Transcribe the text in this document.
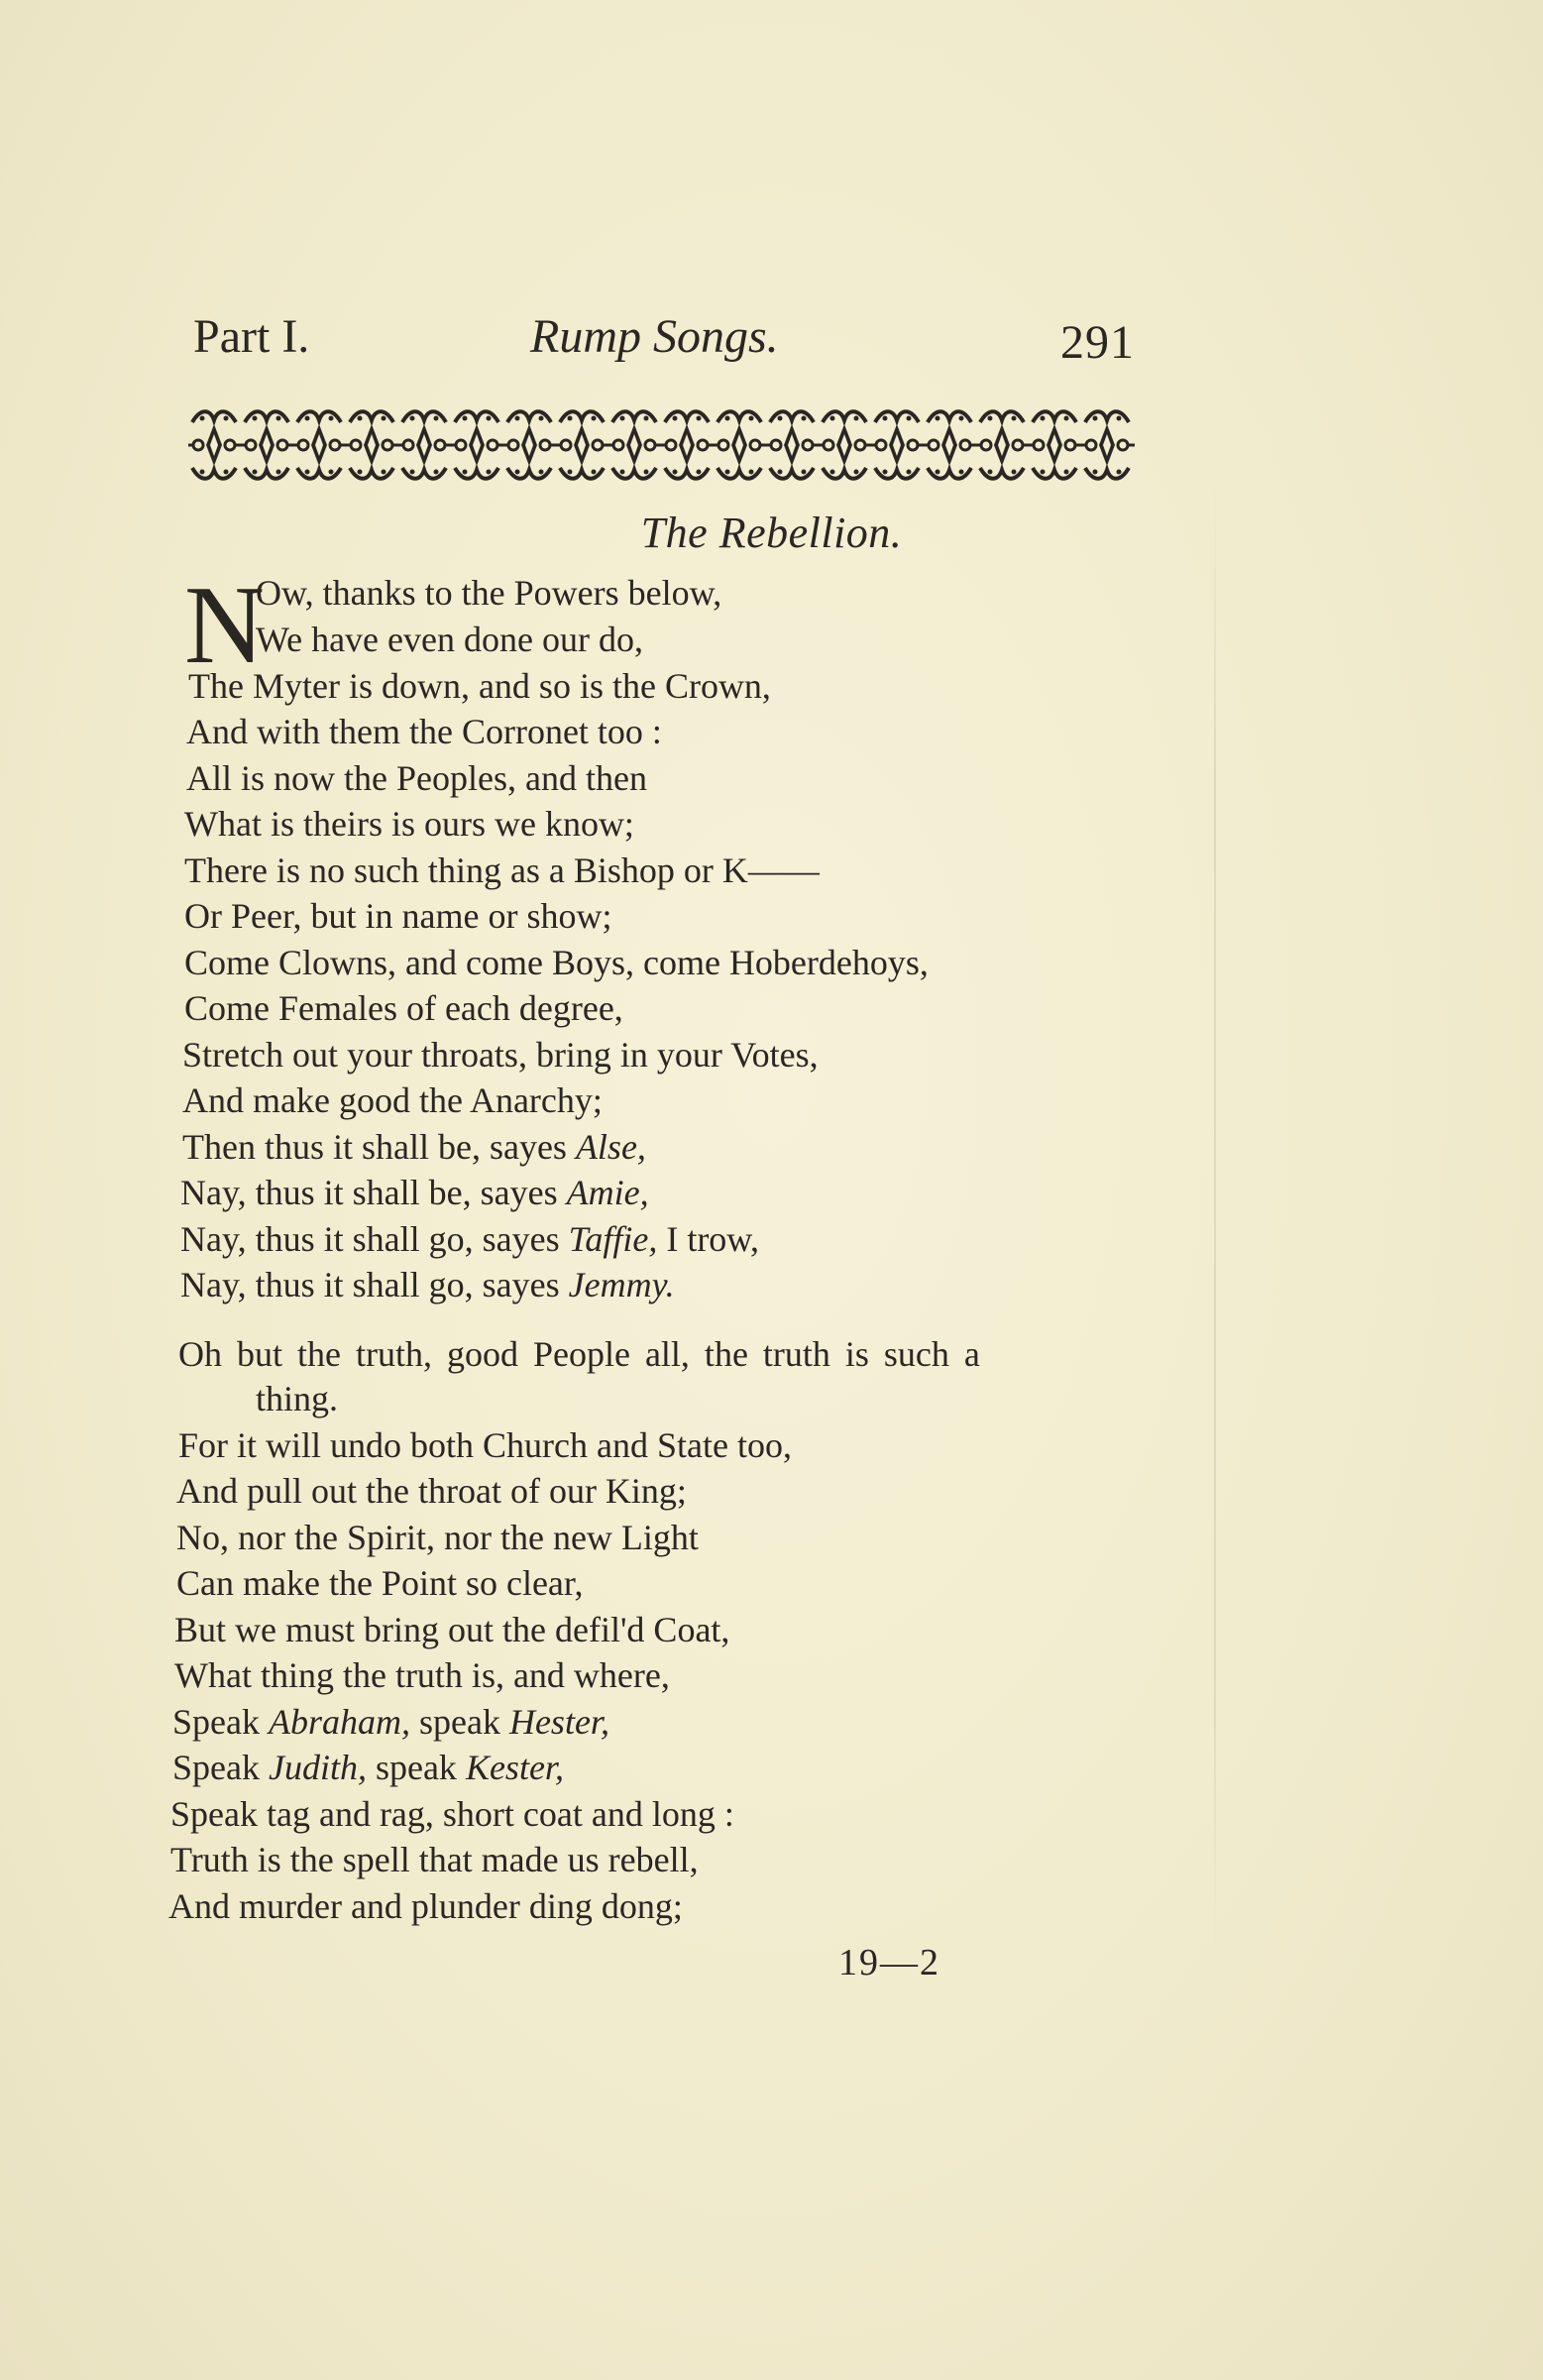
Part I.	Rump Songs.	291
The Rebellion.
N
Ow, thanks to the Powers below,
We have even done our do,
The Myter is down, and so is the Crown,
And with them the Corronet too :
All is now the Peoples, and then
What is theirs is ours we know;
There is no such thing as a Bishop or K——
Or Peer, but in name or show;
Come Clowns, and come Boys, come Hoberdehoys,
Come Females of each degree,
Stretch out your throats, bring in your Votes,
And make good the Anarchy;
Then thus it shall be, sayes Alse,
Nay, thus it shall be, sayes Amie,
Nay, thus it shall go, sayes Taffie, I trow,
Nay, thus it shall go, sayes Jemmy.
Oh but the truth, good People all, the truth is such a
thing.
For it will undo both Church and State too,
And pull out the throat of our King;
No, nor the Spirit, nor the new Light
Can make the Point so clear,
But we must bring out the defil'd Coat,
What thing the truth is, and where,
Speak Abraham, speak Hester,
Speak Judith, speak Kester,
Speak tag and rag, short coat and long :
Truth is the spell that made us rebell,
And murder and plunder ding dong;
19—2
